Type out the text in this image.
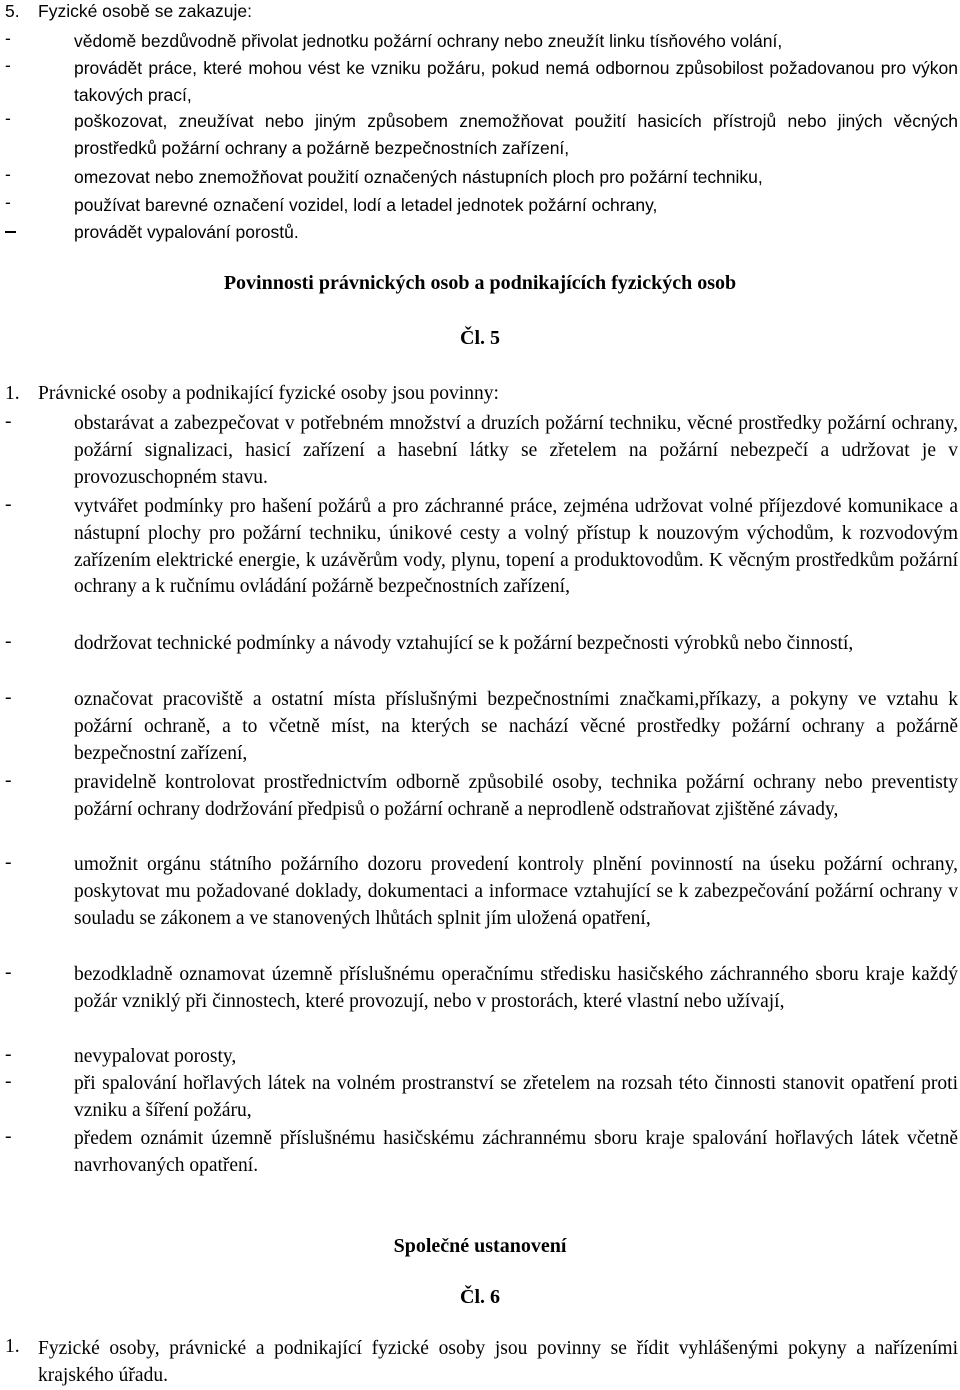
5. Fyzické osobě se zakazuje:
-	vědomě bezdůvodně přivolat jednotku požární ochrany nebo zneužít linku tísňového volání,
-	provádět práce, které mohou vést ke vzniku požáru, pokud nemá odbornou způsobilost požadovanou pro výkon takových prací,
-	poškozovat, zneužívat nebo jiným způsobem znemožňovat použití hasicích přístrojů nebo jiných věcných prostředků požární ochrany a požárně bezpečnostních zařízení,
-	omezovat nebo znemožňovat použití označených nástupních ploch pro požární techniku,
-	používat barevné označení vozidel, lodí a letadel jednotek požární ochrany,
provádět vypalování porostů.
Povinnosti právnických osob a podnikajících fyzických osob
Čl. 5
1. Právnické osoby a podnikající fyzické osoby jsou povinny:
-	obstarávat a zabezpečovat v potřebném množství a druzích požární techniku, věcné prostředky požární ochrany, požární signalizaci, hasicí zařízení a hasební látky se zřetelem na požární nebezpečí a udržovat je v provozuschopném stavu.
-	vytvářet podmínky pro hašení požárů a pro záchranné práce, zejména udržovat volné příjezdové komunikace a nástupní plochy pro požární techniku, únikové cesty a volný přístup k nouzovým východům, k rozvodovým zařízením elektrické energie, k uzávěrům vody, plynu, topení a produktovodům. K věcným prostředkům požární ochrany a k ručnímu ovládání požárně bezpečnostních zařízení,
-	dodržovat technické podmínky a návody vztahující se k požární bezpečnosti výrobků nebo činností,
-	označovat pracoviště a ostatní místa příslušnými bezpečnostními značkami,příkazy, a pokyny ve vztahu k požární ochraně, a to včetně míst, na kterých se nachází věcné prostředky požární ochrany a požárně bezpečnostní zařízení,
-	pravidelně kontrolovat prostřednictvím odborně způsobilé osoby, technika požární ochrany nebo preventisty požární ochrany dodržování předpisů o požární ochraně a neprodleně odstraňovat zjištěné závady,
-	umožnit orgánu státního požárního dozoru provedení kontroly plnění povinností na úseku požární ochrany, poskytovat mu požadované doklady, dokumentaci a informace vztahující se k zabezpečování požární ochrany v souladu se zákonem a ve stanovených lhůtách splnit jím uložená opatření,
-	bezodkladně oznamovat územně příslušnému operačnímu středisku hasičského záchranného sboru kraje každý požár vzniklý při činnostech, které provozují, nebo v prostorách, které vlastní nebo užívají,
-	nevypalovat porosty,
-	při spalování hořlavých látek na volném prostranství se zřetelem na rozsah této činnosti stanovit opatření proti vzniku a šíření požáru,
-	předem oznámit územně příslušnému hasičskému záchrannému sboru kraje spalování hořlavých látek včetně navrhovaných opatření.
Společné ustanovení
Čl. 6
1. Fyzické osoby, právnické a podnikající fyzické osoby jsou povinny se řídit vyhlášenými pokyny a nařízeními krajského úřadu.
